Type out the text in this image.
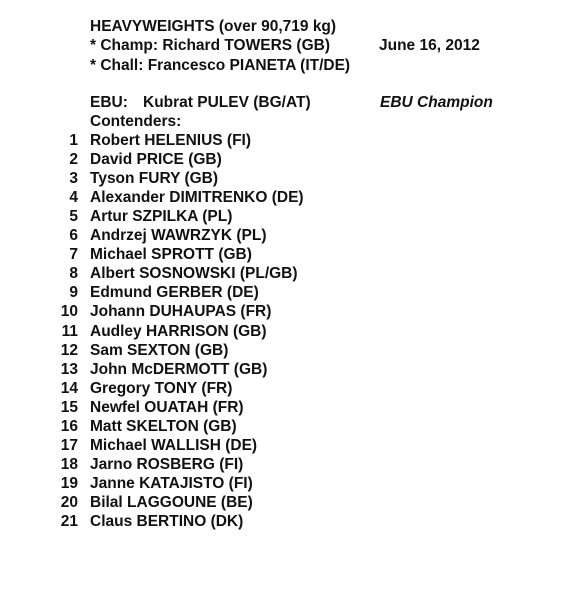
HEAVYWEIGHTS (over 90,719 kg)
* Champ: Richard TOWERS (GB)	June 16, 2012
* Chall: Francesco PIANETA (IT/DE)
EBU: Kubrat PULEV (BG/AT)	EBU Champion
Contenders:
1 Robert HELENIUS (FI)
2 David PRICE (GB)
3 Tyson FURY (GB)
4 Alexander DIMITRENKO (DE)
5 Artur SZPILKA (PL)
6 Andrzej WAWRZYK (PL)
7 Michael SPROTT (GB)
8 Albert SOSNOWSKI (PL/GB)
9 Edmund GERBER (DE)
10 Johann DUHAUPAS (FR)
11 Audley HARRISON (GB)
12 Sam SEXTON (GB)
13 John McDERMOTT (GB)
14 Gregory TONY (FR)
15 Newfel OUATAH (FR)
16 Matt SKELTON (GB)
17 Michael WALLISH (DE)
18 Jarno ROSBERG (FI)
19 Janne KATAJISTO (FI)
20 Bilal LAGGOUNE (BE)
21 Claus BERTINO (DK)
